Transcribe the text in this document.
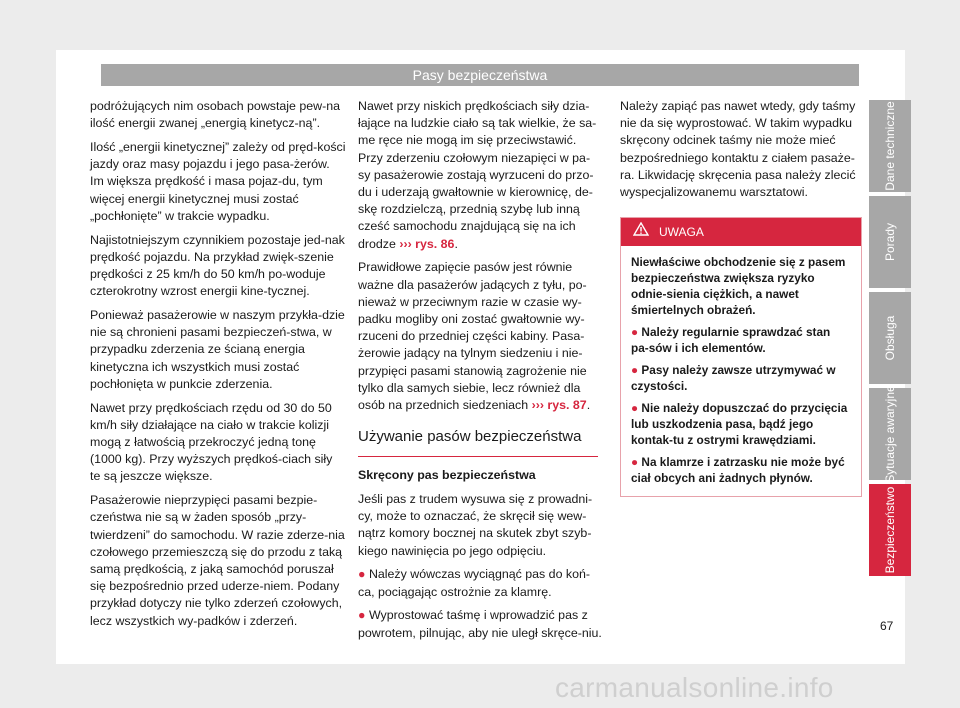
Pasy bezpieczeństwa

podróżujących nim osobach powstaje pew-na ilość energii zwanej „energią kinetycz-ną”.

Ilość „energii kinetycznej” zależy od pręd-kości jazdy oraz masy pojazdu i jego pasa-żerów. Im większa prędkość i masa pojaz-du, tym więcej energii kinetycznej musi zostać „pochłonięte” w trakcie wypadku.

Najistotniejszym czynnikiem pozostaje jed-nak prędkość pojazdu. Na przykład zwięk-szenie prędkości z 25 km/h do 50 km/h po-woduje czterokrotny wzrost energii kine-tycznej.

Ponieważ pasażerowie w naszym przykła-dzie nie są chronieni pasami bezpieczeń-stwa, w przypadku zderzenia ze ścianą energia kinetyczna ich wszystkich musi zostać pochłonięta w punkcie zderzenia.

Nawet przy prędkościach rzędu od 30 do 50 km/h siły działające na ciało w trakcie kolizji mogą z łatwością przekroczyć jedną tonę (1000 kg). Przy wyższych prędkoś-ciach siły te są jeszcze większe.

Pasażerowie nieprzypięci pasami bezpie-czeństwa nie są w żaden sposób „przy-twierdzeni” do samochodu. W razie zderze-nia czołowego przemieszczą się do przodu z taką samą prędkością, z jaką samochód poruszał się bezpośrednio przed uderze-niem. Podany przykład dotyczy nie tylko zderzeń czołowych, lecz wszystkich wy-padków i zderzeń.

Nawet przy niskich prędkościach siły dzia-łające na ludzkie ciało są tak wielkie, że sa-me ręce nie mogą im się przeciwstawić. Przy zderzeniu czołowym niezapięci w pa-sy pasażerowie zostają wyrzuceni do przo-du i uderzają gwałtownie w kierownicę, de-skę rozdzielczą, przednią szybę lub inną cześć samochodu znajdującą się na ich drodze ››› rys. 86.

Prawidłowe zapięcie pasów jest równie ważne dla pasażerów jadących z tyłu, po-nieważ w przeciwnym razie w czasie wy-padku mogliby oni zostać gwałtownie wy-rzuceni do przedniej części kabiny. Pasa-żerowie jadący na tylnym siedzeniu i nie-przypięci pasami stanowią zagrożenie nie tylko dla samych siebie, lecz również dla osób na przednich siedzeniach ››› rys. 87.

Używanie pasów bezpieczeństwa

Skręcony pas bezpieczeństwa

Jeśli pas z trudem wysuwa się z prowadni-cy, może to oznaczać, że skręcił się wew-nątrz komory bocznej na skutek zbyt szyb-kiego nawinięcia po jego odpięciu.

● Należy wówczas wyciągnąć pas do koń-ca, pociągając ostrożnie za klamrę.

● Wyprostować taśmę i wprowadzić pas z powrotem, pilnując, aby nie uległ skręce-niu.

Należy zapiąć pas nawet wtedy, gdy taśmy nie da się wyprostować. W takim wypadku skręcony odcinek taśmy nie może mieć bezpośredniego kontaktu z ciałem pasaże-ra. Likwidację skręcenia pasa należy zlecić wyspecjalizowanemu warsztatowi.

UWAGA

Niewłaściwe obchodzenie się z pasem bezpieczeństwa zwiększa ryzyko odnie-sienia ciężkich, a nawet śmiertelnych obrażeń.

● Należy regularnie sprawdzać stan pa-sów i ich elementów.

● Pasy należy zawsze utrzymywać w czystości.

● Nie należy dopuszczać do przycięcia lub uszkodzenia pasa, bądź jego kontak-tu z ostrymi krawędziami.

● Na klamrze i zatrzasku nie może być ciał obcych ani żadnych płynów.

Dane techniczne
Porady
Obsługa
Sytuacje awaryjne
Bezpieczeństwo
67
carmanualsonline.info
